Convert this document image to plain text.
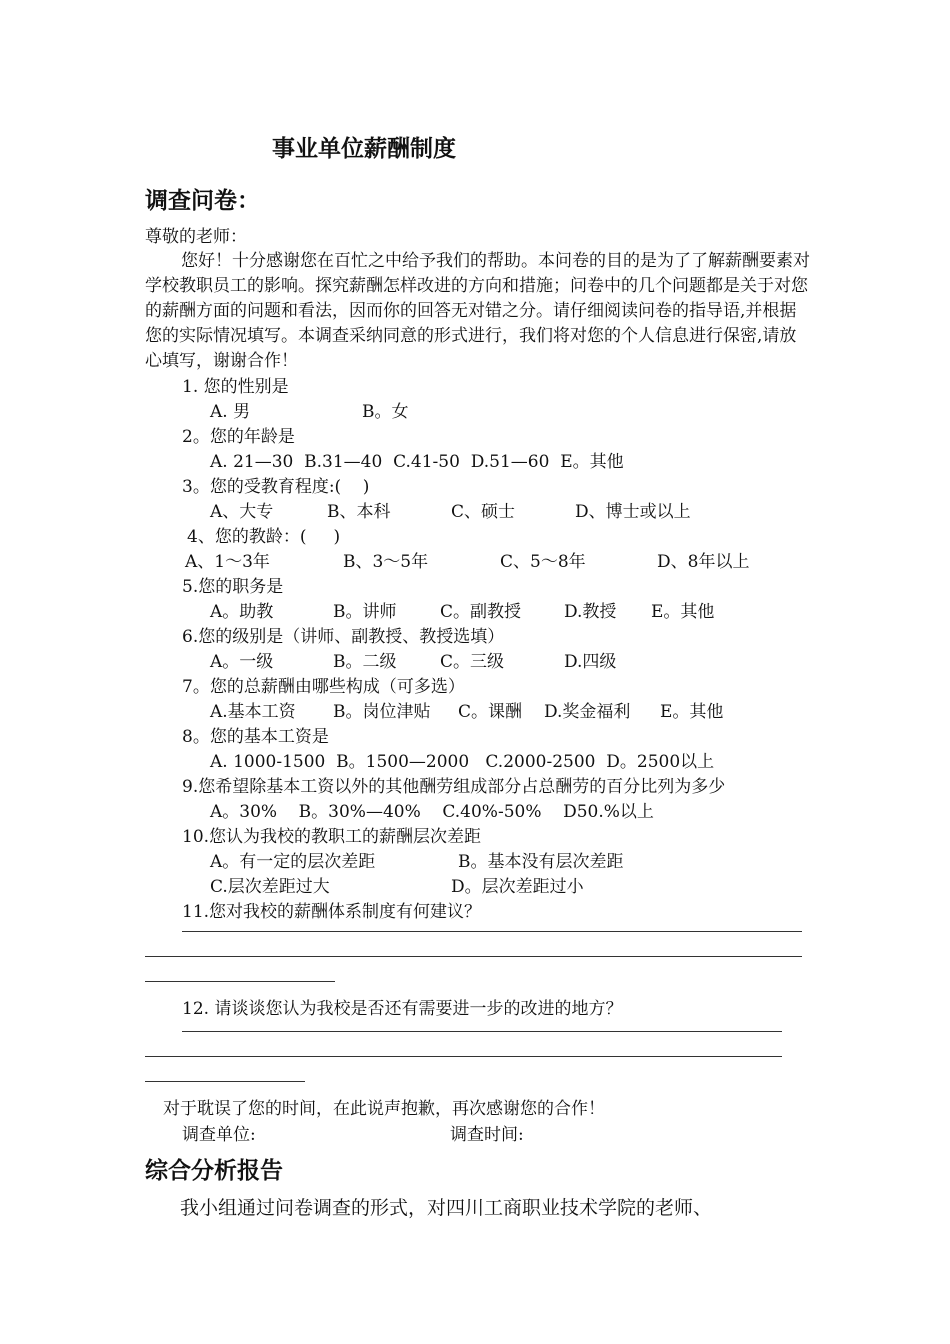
事业单位薪酬制度
调查问卷：
尊敬的老师：
您好！十分感谢您在百忙之中给予我们的帮助。本问卷的目的是为了了解薪酬要素对学校教职员工的影响。探究薪酬怎样改进的方向和措施；问卷中的几个问题都是关于对您的薪酬方面的问题和看法，因而你的回答无对错之分。请仔细阅读问卷的指导语,并根据您的实际情况填写。本调查采纳同意的形式进行，我们将对您的个人信息进行保密,请放心填写，谢谢合作！
1. 您的性别是
A. 男	B。女
2。您的年龄是
A. 21—30  B.31—40  C.41-50  D.51—60  E。其他
3。您的受教育程度:(    )
A、大专	B、本科	C、硕士	D、博士或以上
4、您的教龄：(     )
A、1～3年	B、3～5年	C、5～8年	D、8年以上
5.您的职务是
A。助教	B。讲师	C。副教授	D.教授 E。其他
6.您的级别是（讲师、副教授、教授选填）
A。一级	B。二级	C。三级	D.四级
7。您的总薪酬由哪些构成（可多选）
A.基本工资 B。岗位津贴 C。课酬 D.奖金福利 E。其他
8。您的基本工资是
A. 1000-1500  B。1500—2000   C.2000-2500  D。2500以上
9.您希望除基本工资以外的其他酬劳组成部分占总酬劳的百分比列为多少
A。30%    B。30%—40%    C.40%-50%    D50.%以上
10.您认为我校的教职工的薪酬层次差距
A。有一定的层次差距	B。基本没有层次差距
C.层次差距过大	D。层次差距过小
11.您对我校的薪酬体系制度有何建议？
12. 请谈谈您认为我校是否还有需要进一步的改进的地方？
对于耽误了您的时间，在此说声抱歉，再次感谢您的合作！
调查单位:	调查时间:
综合分析报告
我小组通过问卷调查的形式，对四川工商职业技术学院的老师、
